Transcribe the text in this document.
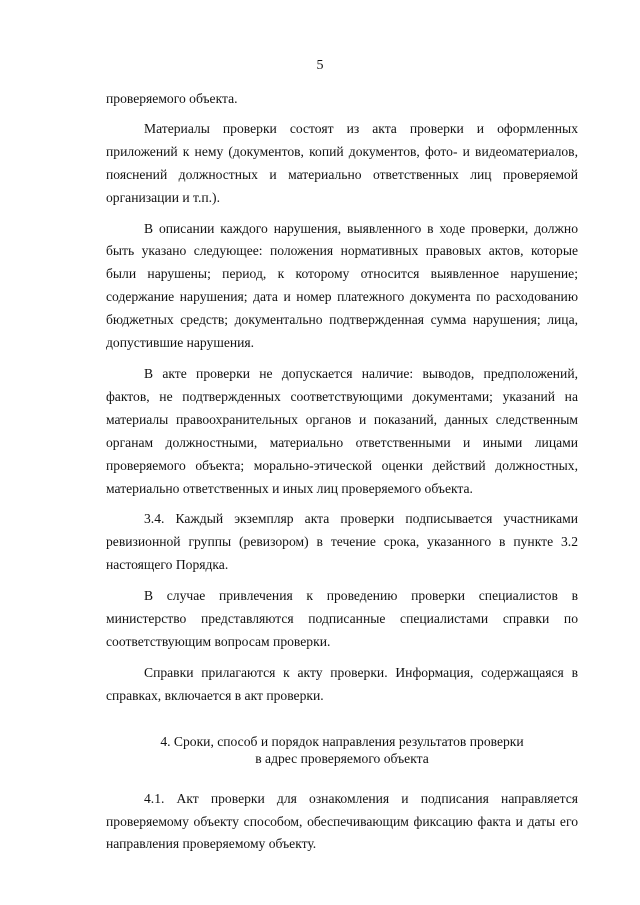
5

проверяемого объекта.

Материалы проверки состоят из акта проверки и оформленных приложений к нему (документов, копий документов, фото- и видеоматериалов, пояснений должностных и материально ответственных лиц проверяемой организации и т.п.).

В описании каждого нарушения, выявленного в ходе проверки, должно быть указано следующее: положения нормативных правовых актов, которые были нарушены; период, к которому относится выявленное нарушение; содержание нарушения; дата и номер платежного документа по расходованию бюджетных средств; документально подтвержденная сумма нарушения; лица, допустившие нарушения.

В акте проверки не допускается наличие: выводов, предположений, фактов, не подтвержденных соответствующими документами; указаний на материалы правоохранительных органов и показаний, данных следственным органам должностными, материально ответственными и иными лицами проверяемого объекта; морально-этической оценки действий должностных, материально ответственных и иных лиц проверяемого объекта.

3.4. Каждый экземпляр акта проверки подписывается участниками ревизионной группы (ревизором) в течение срока, указанного в пункте 3.2 настоящего Порядка.

В случае привлечения к проведению проверки специалистов в министерство представляются подписанные специалистами справки по соответствующим вопросам проверки.

Справки прилагаются к акту проверки. Информация, содержащаяся в справках, включается в акт проверки.

4. Сроки, способ и порядок направления результатов проверки
в адрес проверяемого объекта

4.1. Акт проверки для ознакомления и подписания направляется проверяемому объекту способом, обеспечивающим фиксацию факта и даты его направления проверяемому объекту.
